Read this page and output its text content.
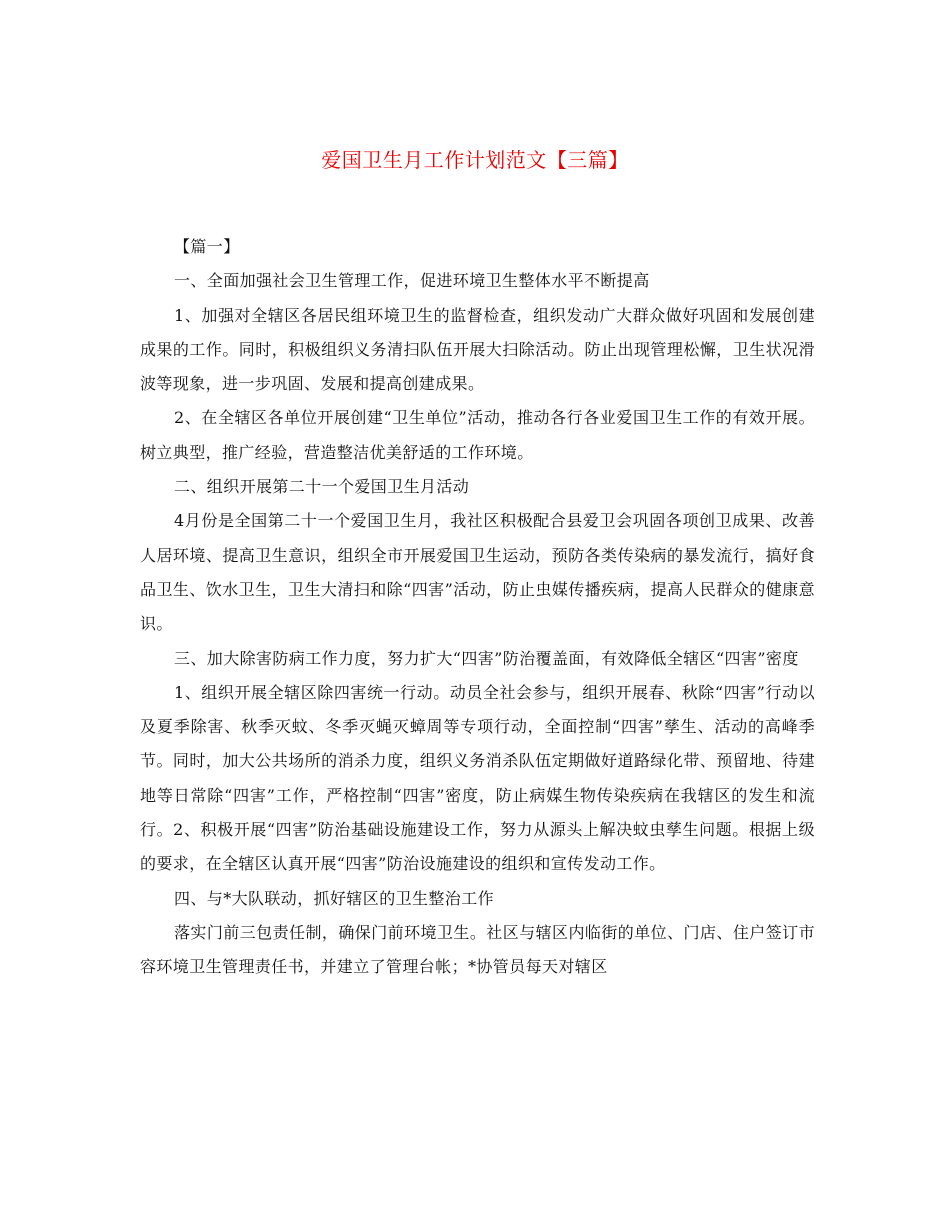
爱国卫生月工作计划范文【三篇】

【篇一】

一、全面加强社会卫生管理工作，促进环境卫生整体水平不断提高

1、加强对全辖区各居民组环境卫生的监督检查，组织发动广大群众做好巩固和发展创建成果的工作。同时，积极组织义务清扫队伍开展大扫除活动。防止出现管理松懈，卫生状况滑波等现象，进一步巩固、发展和提高创建成果。

2、在全辖区各单位开展创建“卫生单位”活动，推动各行各业爱国卫生工作的有效开展。树立典型，推广经验，营造整洁优美舒适的工作环境。

二、组织开展第二十一个爱国卫生月活动

4月份是全国第二十一个爱国卫生月，我社区积极配合县爱卫会巩固各项创卫成果、改善人居环境、提高卫生意识，组织全市开展爱国卫生运动，预防各类传染病的暴发流行，搞好食品卫生、饮水卫生，卫生大清扫和除“四害”活动，防止虫媒传播疾病，提高人民群众的健康意识。

三、加大除害防病工作力度，努力扩大“四害”防治覆盖面，有效降低全辖区“四害”密度

1、组织开展全辖区除四害统一行动。动员全社会参与，组织开展春、秋除“四害”行动以及夏季除害、秋季灭蚊、冬季灭蝇灭蟑周等专项行动，全面控制“四害”孳生、活动的高峰季节。同时，加大公共场所的消杀力度，组织义务消杀队伍定期做好道路绿化带、预留地、待建地等日常除“四害”工作，严格控制“四害”密度，防止病媒生物传染疾病在我辖区的发生和流行。2、积极开展“四害”防治基础设施建设工作，努力从源头上解决蚊虫孳生问题。根据上级的要求，在全辖区认真开展“四害”防治设施建设的组织和宣传发动工作。

四、与*大队联动，抓好辖区的卫生整治工作

落实门前三包责任制，确保门前环境卫生。社区与辖区内临街的单位、门店、住户签订市容环境卫生管理责任书，并建立了管理台帐；*协管员每天对辖区
